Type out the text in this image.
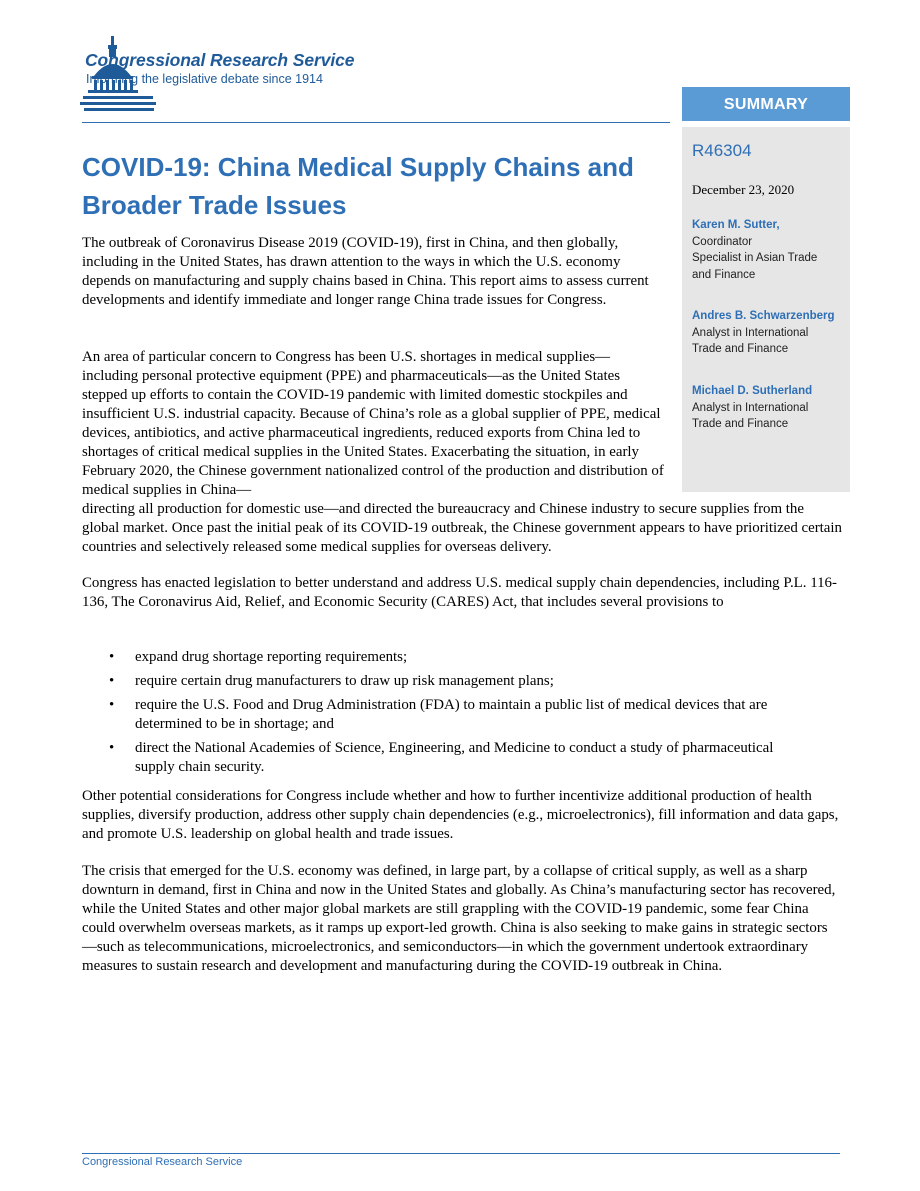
Congressional Research Service
Informing the legislative debate since 1914
SUMMARY
R46304
December 23, 2020
Karen M. Sutter,
Coordinator
Specialist in Asian Trade
and Finance
Andres B. Schwarzenberg
Analyst in International
Trade and Finance
Michael D. Sutherland
Analyst in International
Trade and Finance
COVID-19: China Medical Supply Chains and
Broader Trade Issues

The outbreak of Coronavirus Disease 2019 (COVID-19), first in China, and then globally, including in the United States, has drawn attention to the ways in which the U.S. economy depends on manufacturing and supply chains based in China. This report aims to assess current developments and identify immediate and longer range China trade issues for Congress.

An area of particular concern to Congress has been U.S. shortages in medical supplies—including personal protective equipment (PPE) and pharmaceuticals—as the United States stepped up efforts to contain the COVID-19 pandemic with limited domestic stockpiles and insufficient U.S. industrial capacity. Because of China’s role as a global supplier of PPE, medical devices, antibiotics, and active pharmaceutical ingredients, reduced exports from China led to shortages of critical medical supplies in the United States. Exacerbating the situation, in early February 2020, the Chinese government nationalized control of the production and distribution of medical supplies in China—

directing all production for domestic use—and directed the bureaucracy and Chinese industry to secure supplies from the global market. Once past the initial peak of its COVID-19 outbreak, the Chinese government appears to have prioritized certain countries and selectively released some medical supplies for overseas delivery.

Congress has enacted legislation to better understand and address U.S. medical supply chain dependencies, including P.L. 116-136, The Coronavirus Aid, Relief, and Economic Security (CARES) Act, that includes several provisions to

• expand drug shortage reporting requirements;
• require certain drug manufacturers to draw up risk management plans;
• require the U.S. Food and Drug Administration (FDA) to maintain a public list of medical devices that are determined to be in shortage; and
• direct the National Academies of Science, Engineering, and Medicine to conduct a study of pharmaceutical supply chain security.

Other potential considerations for Congress include whether and how to further incentivize additional production of health supplies, diversify production, address other supply chain dependencies (e.g., microelectronics), fill information and data gaps, and promote U.S. leadership on global health and trade issues.

The crisis that emerged for the U.S. economy was defined, in large part, by a collapse of critical supply, as well as a sharp downturn in demand, first in China and now in the United States and globally. As China’s manufacturing sector has recovered, while the United States and other major global markets are still grappling with the COVID-19 pandemic, some fear China could overwhelm overseas markets, as it ramps up export-led growth. China is also seeking to make gains in strategic sectors—such as telecommunications, microelectronics, and semiconductors—in which the government undertook extraordinary measures to sustain research and development and manufacturing during the COVID-19 outbreak in China.

Congressional Research Service
